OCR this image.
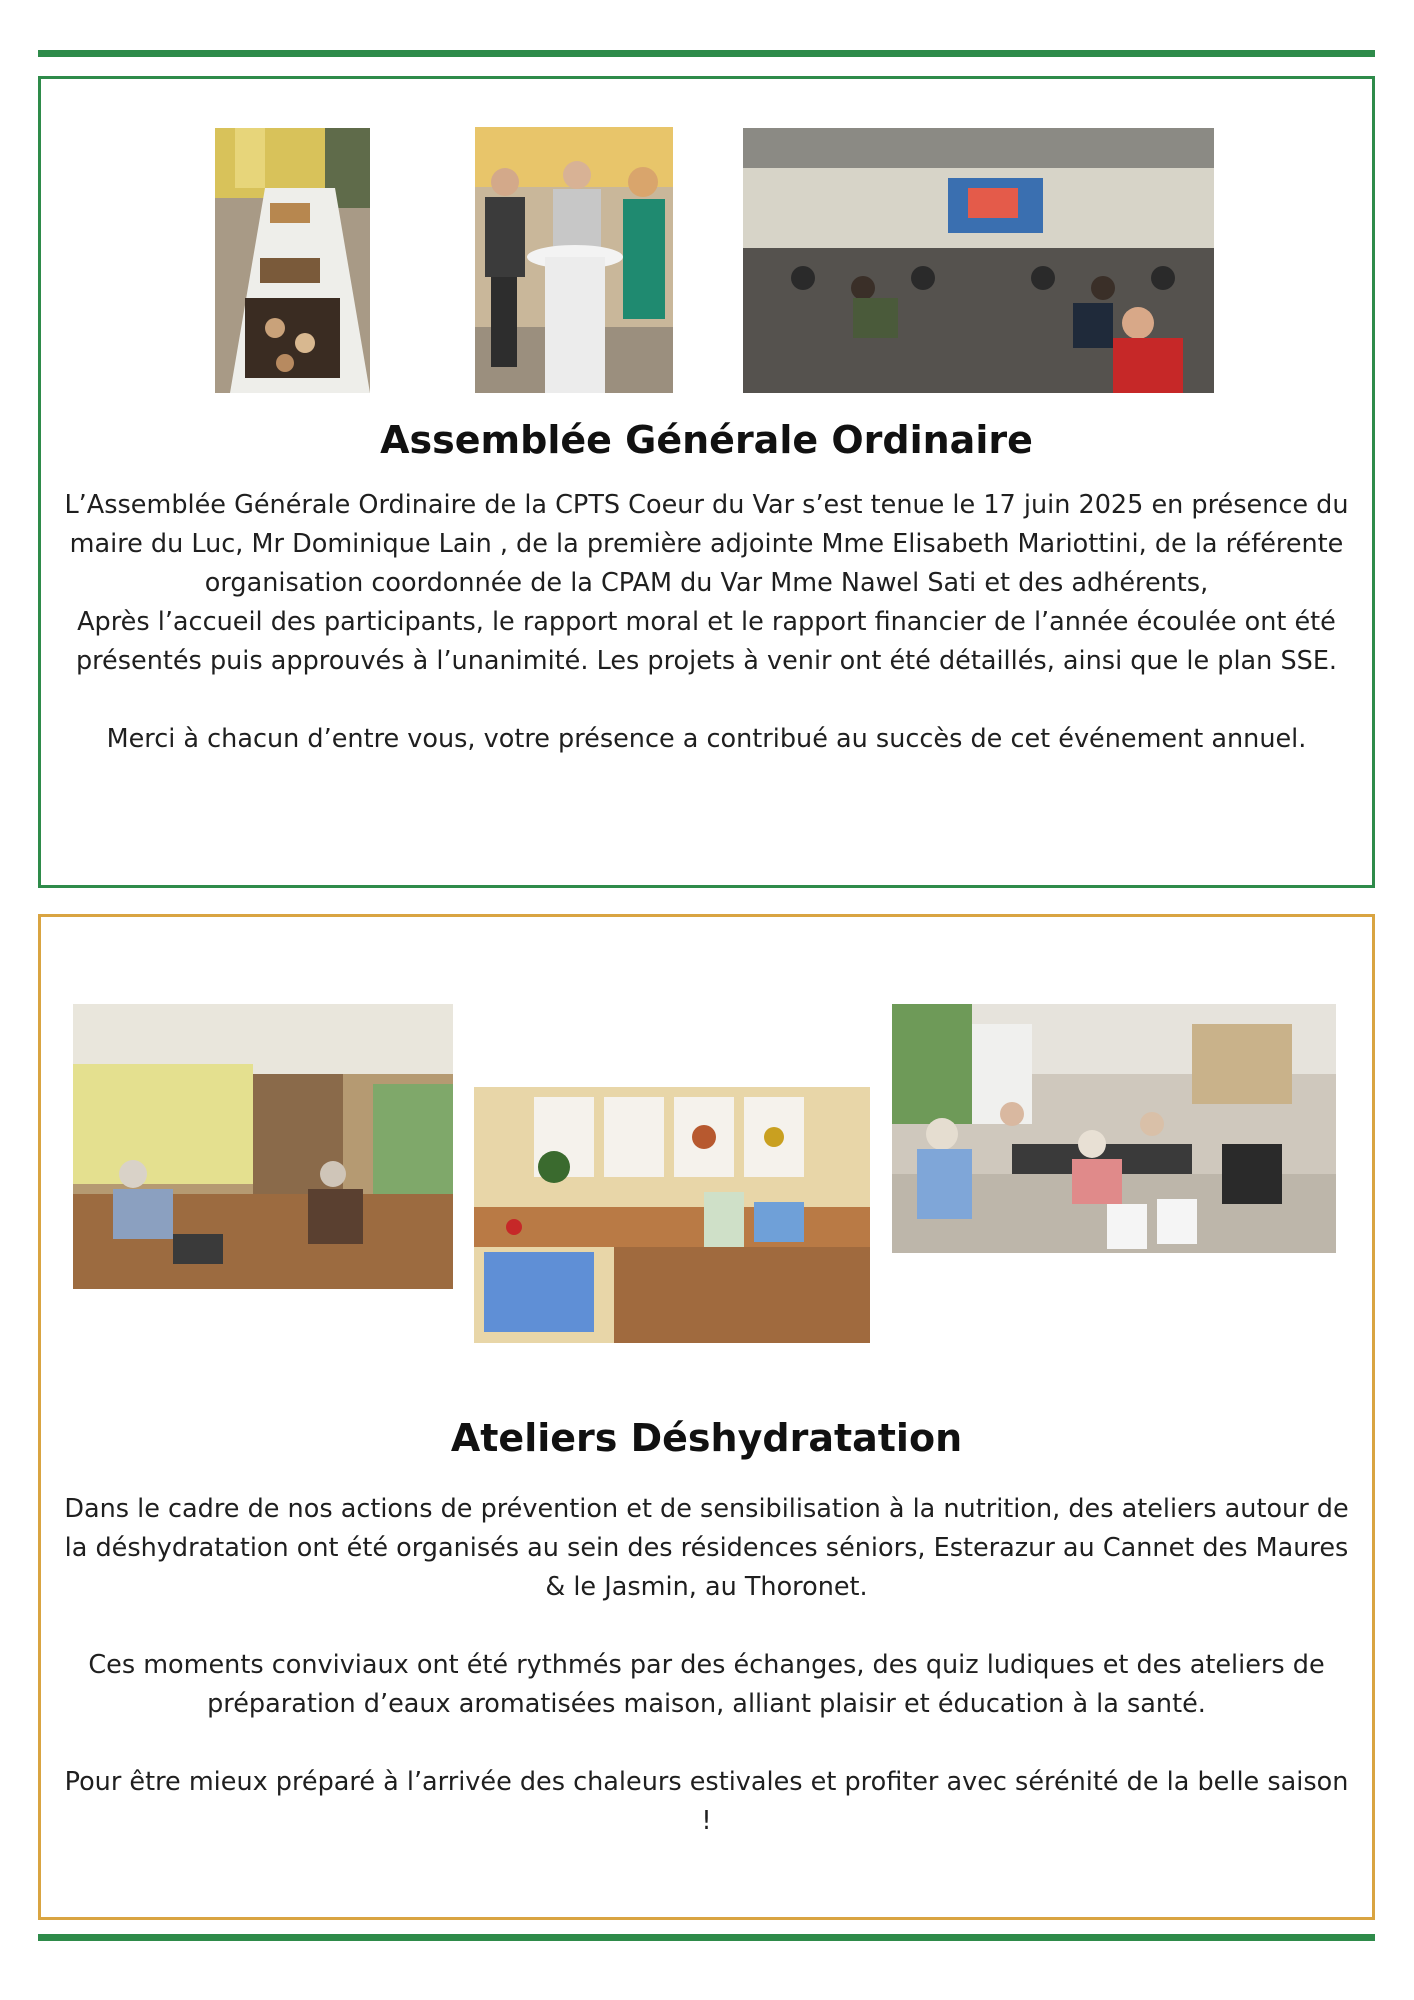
Assemblée Générale Ordinaire

L’Assemblée Générale Ordinaire de la CPTS Coeur du Var s’est tenue le 17 juin 2025 en présence du maire du Luc, Mr Dominique Lain , de la première adjointe Mme Elisabeth Mariottini, de la référente organisation coordonnée de la CPAM du Var Mme Nawel Sati et des adhérents,

Après l’accueil des participants, le rapport moral et le rapport financier de l’année écoulée ont été présentés puis approuvés à l’unanimité. Les projets à venir ont été détaillés, ainsi que le plan SSE.

Merci à chacun d’entre vous, votre présence a contribué au succès de cet événement annuel.

Ateliers Déshydratation

Dans le cadre de nos actions de prévention et de sensibilisation à la nutrition, des ateliers autour de la déshydratation ont été organisés au sein des résidences séniors, Esterazur au Cannet des Maures & le Jasmin, au Thoronet.

Ces moments conviviaux ont été rythmés par des échanges, des quiz ludiques et des ateliers de préparation d’eaux aromatisées maison, alliant plaisir et éducation à la santé.

Pour être mieux préparé à l’arrivée des chaleurs estivales et profiter avec sérénité de la belle saison !
